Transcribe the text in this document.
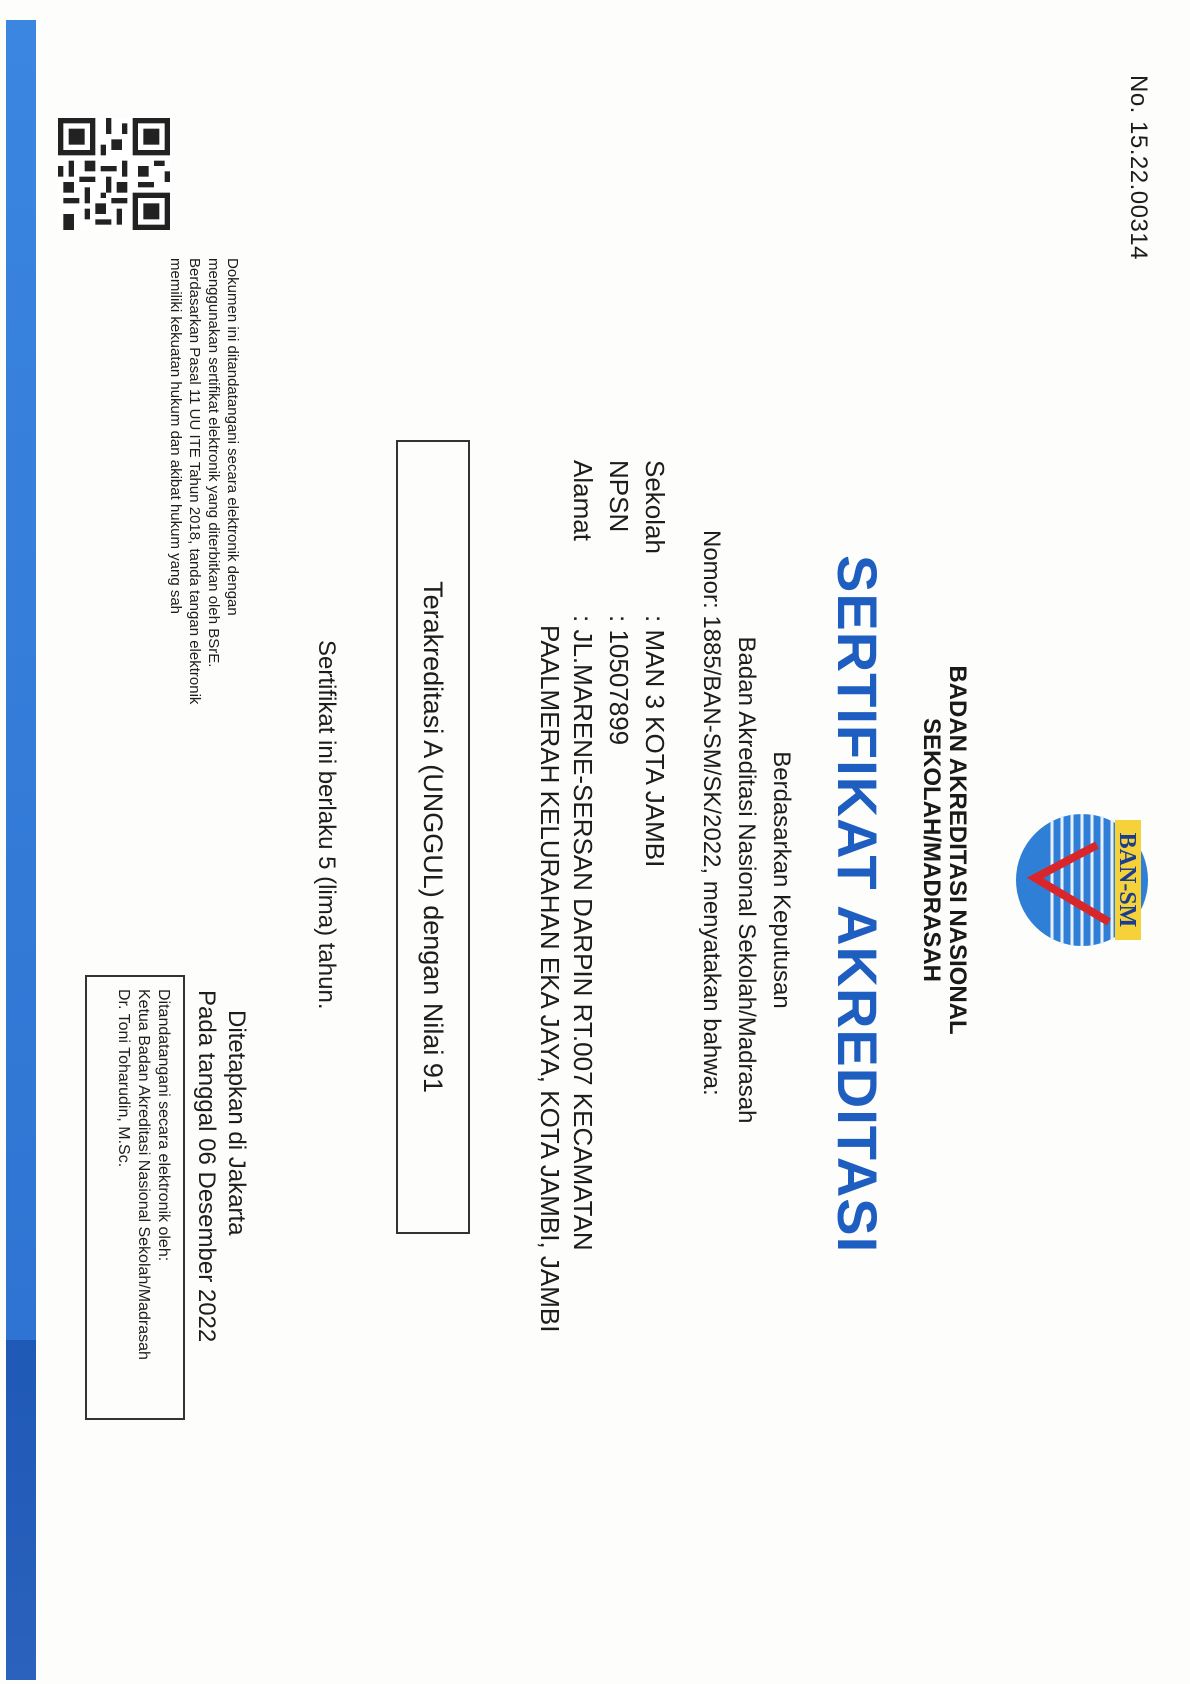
No. 15.22.00314
Dokumen ini ditandatangani secara elektronik dengan
menggunakan sertifikat elektronik yang diterbitkan oleh BSrE.
Berdasarkan Pasal 11 UU ITE Tahun 2018, tanda tangan elektronik
memiliki kekuatan hukum dan akibat hukum yang sah
BAN-SM
BADAN AKREDITASI NASIONAL
SEKOLAH/MADRASAH
SERTIFIKAT AKREDITASI
Berdasarkan Keputusan
Badan Akreditasi Nasional Sekolah/Madrasah
Nomor: 1885/BAN-SM/SK/2022, menyatakan bahwa:
Sekolah
: MAN 3 KOTA JAMBI
NPSN
: 10507899
Alamat
: JL.MARENE-SERSAN DARPIN RT.007 KECAMATAN
PAALMERAH KELURAHAN EKA JAYA, KOTA JAMBI, JAMBI
Terakreditasi A (UNGGUL) dengan Nilai 91
Sertifikat ini berlaku 5 (lima) tahun.
Ditetapkan di Jakarta
Pada tanggal 06 Desember 2022
Ditandatangani secara elektronik oleh:
Ketua Badan Akreditasi Nasional Sekolah/Madrasah
Dr. Toni Toharudin, M.Sc.
